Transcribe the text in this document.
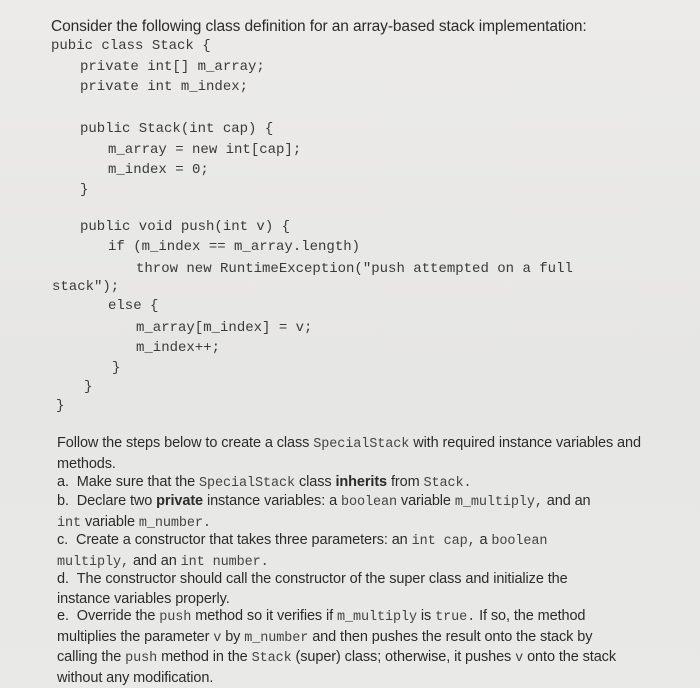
Consider the following class definition for an array-based stack implementation:
pubic class Stack {
private int[] m_array;
private int m_index;
public Stack(int cap) {
m_array = new int[cap];
m_index = 0;
}
public void push(int v) {
if (m_index == m_array.length)
throw new RuntimeException("push attempted on a full
stack");
else {
m_array[m_index] = v;
m_index++;
}
}
}
Follow the steps below to create a class SpecialStack with required instance variables and methods.
a. Make sure that the SpecialStack class inherits from Stack.
b. Declare two private instance variables: a boolean variable m_multiply, and an
int variable m_number.
c. Create a constructor that takes three parameters: an int cap, a boolean
multiply, and an int number.
d. The constructor should call the constructor of the super class and initialize the instance variables properly.
e. Override the push method so it verifies if m_multiply is true. If so, the method multiplies the parameter v by m_number and then pushes the result onto the stack by calling the push method in the Stack (super) class; otherwise, it pushes v onto the stack without any modification.
